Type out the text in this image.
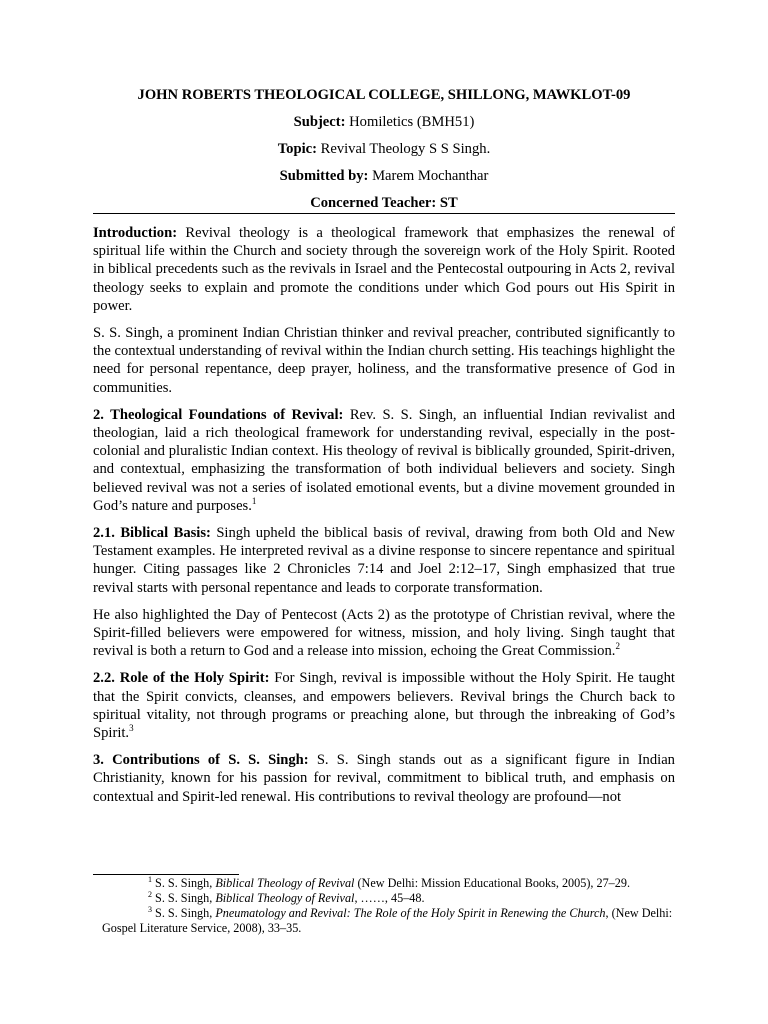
JOHN ROBERTS THEOLOGICAL COLLEGE, SHILLONG, MAWKLOT-09

Subject: Homiletics (BMH51)

Topic: Revival Theology S S Singh.

Submitted by: Marem Mochanthar

Concerned Teacher: ST

Introduction: Revival theology is a theological framework that emphasizes the renewal of spiritual life within the Church and society through the sovereign work of the Holy Spirit. Rooted in biblical precedents such as the revivals in Israel and the Pentecostal outpouring in Acts 2, revival theology seeks to explain and promote the conditions under which God pours out His Spirit in power.

S. S. Singh, a prominent Indian Christian thinker and revival preacher, contributed significantly to the contextual understanding of revival within the Indian church setting. His teachings highlight the need for personal repentance, deep prayer, holiness, and the transformative presence of God in communities.

2. Theological Foundations of Revival: Rev. S. S. Singh, an influential Indian revivalist and theologian, laid a rich theological framework for understanding revival, especially in the post-colonial and pluralistic Indian context. His theology of revival is biblically grounded, Spirit-driven, and contextual, emphasizing the transformation of both individual believers and society. Singh believed revival was not a series of isolated emotional events, but a divine movement grounded in God’s nature and purposes.$^1$

2.1. Biblical Basis: Singh upheld the biblical basis of revival, drawing from both Old and New Testament examples. He interpreted revival as a divine response to sincere repentance and spiritual hunger. Citing passages like 2 Chronicles 7:14 and Joel 2:12–17, Singh emphasized that true revival starts with personal repentance and leads to corporate transformation.

He also highlighted the Day of Pentecost (Acts 2) as the prototype of Christian revival, where the Spirit-filled believers were empowered for witness, mission, and holy living. Singh taught that revival is both a return to God and a release into mission, echoing the Great Commission.$^2$

2.2. Role of the Holy Spirit: For Singh, revival is impossible without the Holy Spirit. He taught that the Spirit convicts, cleanses, and empowers believers. Revival brings the Church back to spiritual vitality, not through programs or preaching alone, but through the inbreaking of God’s Spirit.$^3$

3. Contributions of S. S. Singh: S. S. Singh stands out as a significant figure in Indian Christianity, known for his passion for revival, commitment to biblical truth, and emphasis on contextual and Spirit-led renewal. His contributions to revival theology are profound—not

$^1$ S. S. Singh, Biblical Theology of Revival (New Delhi: Mission Educational Books, 2005), 27–29.

$^2$ S. S. Singh, Biblical Theology of Revival, ……, 45–48.

$^3$ S. S. Singh, Pneumatology and Revival: The Role of the Holy Spirit in Renewing the Church, (New Delhi: Gospel Literature Service, 2008), 33–35.
